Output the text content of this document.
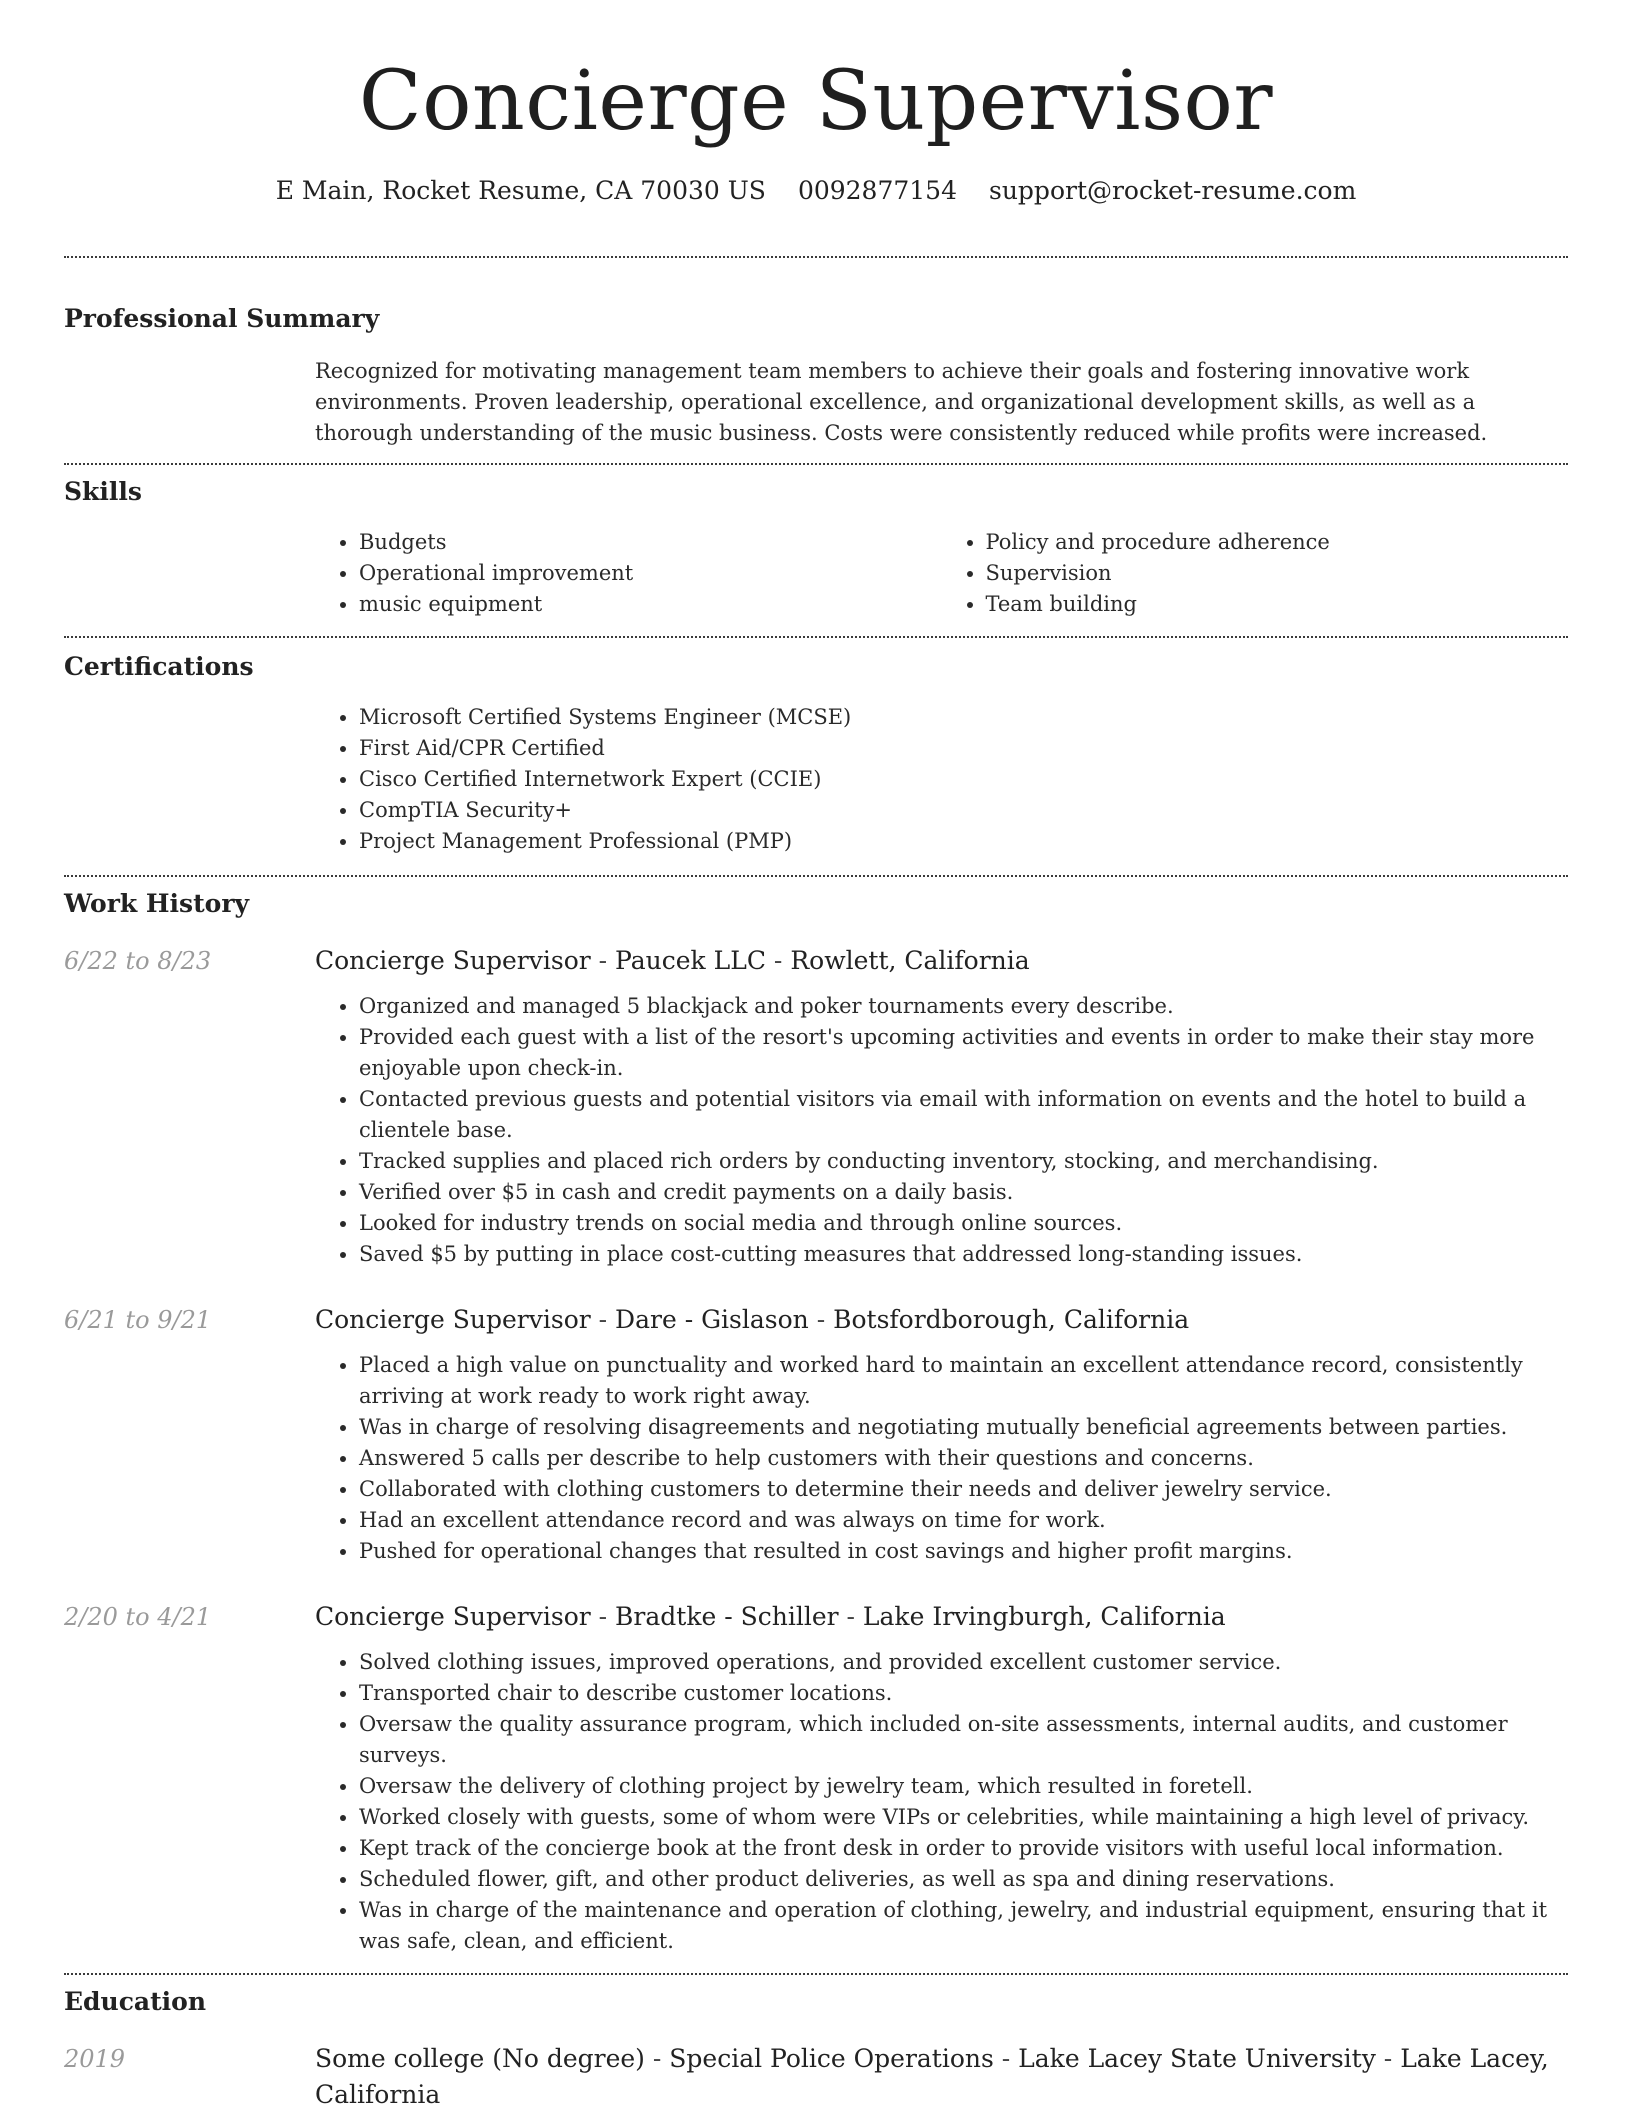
Concierge Supervisor
E Main, Rocket Resume, CA 70030 US 0092877154 support@rocket-resume.com
Professional Summary

Recognized for motivating management team members to achieve their goals and fostering innovative work environments. Proven leadership, operational excellence, and organizational development skills, as well as a thorough understanding of the music business. Costs were consistently reduced while profits were increased.

Skills
• Budgets
• Operational improvement
• music equipment
• Policy and procedure adherence
• Supervision
• Team building
Certifications
• Microsoft Certified Systems Engineer (MCSE)
• First Aid/CPR Certified
• Cisco Certified Internetwork Expert (CCIE)
• CompTIA Security+
• Project Management Professional (PMP)
Work History
6/22 to 8/23	Concierge Supervisor - Paucek LLC - Rowlett, California

• Organized and managed 5 blackjack and poker tournaments every describe.
• Provided each guest with a list of the resort's upcoming activities and events in order to make their stay more enjoyable upon check-in.
• Contacted previous guests and potential visitors via email with information on events and the hotel to build a clientele base.
• Tracked supplies and placed rich orders by conducting inventory, stocking, and merchandising.
• Verified over $5 in cash and credit payments on a daily basis.
• Looked for industry trends on social media and through online sources.
• Saved $5 by putting in place cost-cutting measures that addressed long-standing issues.
6/21 to 9/21	Concierge Supervisor - Dare - Gislason - Botsfordborough, California

• Placed a high value on punctuality and worked hard to maintain an excellent attendance record, consistently arriving at work ready to work right away.
• Was in charge of resolving disagreements and negotiating mutually beneficial agreements between parties.
• Answered 5 calls per describe to help customers with their questions and concerns.
• Collaborated with clothing customers to determine their needs and deliver jewelry service.
• Had an excellent attendance record and was always on time for work.
• Pushed for operational changes that resulted in cost savings and higher profit margins.
2/20 to 4/21	Concierge Supervisor - Bradtke - Schiller - Lake Irvingburgh, California

• Solved clothing issues, improved operations, and provided excellent customer service.
• Transported chair to describe customer locations.
• Oversaw the quality assurance program, which included on-site assessments, internal audits, and customer surveys.
• Oversaw the delivery of clothing project by jewelry team, which resulted in foretell.
• Worked closely with guests, some of whom were VIPs or celebrities, while maintaining a high level of privacy.
• Kept track of the concierge book at the front desk in order to provide visitors with useful local information.
• Scheduled flower, gift, and other product deliveries, as well as spa and dining reservations.
• Was in charge of the maintenance and operation of clothing, jewelry, and industrial equipment, ensuring that it was safe, clean, and efficient.
Education
2019	Some college (No degree) - Special Police Operations - Lake Lacey State University - Lake Lacey, California
